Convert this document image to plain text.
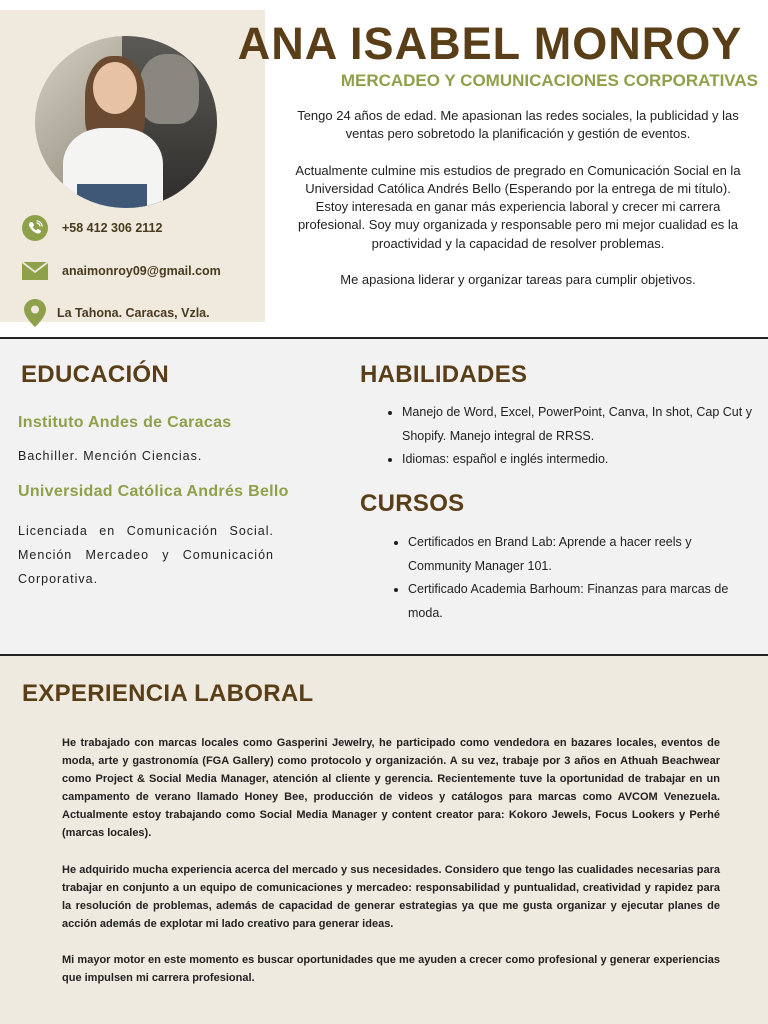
+58 412 306 2112
anaimonroy09@gmail.com
La Tahona. Caracas, Vzla.
ANA ISABEL MONROY
MERCADEO Y COMUNICACIONES CORPORATIVAS

Tengo 24 años de edad. Me apasionan las redes sociales, la publicidad y las ventas pero sobretodo la planificación y gestión de eventos.

Actualmente culmine mis estudios de pregrado en Comunicación Social en la Universidad Católica Andrés Bello (Esperando por la entrega de mi título). Estoy interesada en ganar más experiencia laboral y crecer mi carrera profesional. Soy muy organizada y responsable pero mi mejor cualidad es la proactividad y la capacidad de resolver problemas.

Me apasiona liderar y organizar tareas para cumplir objetivos.

EDUCACIÓN
Instituto Andes de Caracas
Bachiller. Mención Ciencias.
Universidad Católica Andrés Bello
Licenciada en Comunicación Social. Mención Mercadeo y Comunicación Corporativa.
HABILIDADES
• Manejo de Word, Excel, PowerPoint, Canva, In shot, Cap Cut y Shopify. Manejo integral de RRSS.
• Idiomas: español e inglés intermedio.
CURSOS
• Certificados en Brand Lab: Aprende a hacer reels y Community Manager 101.
• Certificado Academia Barhoum: Finanzas para marcas de moda.
EXPERIENCIA LABORAL

He trabajado con marcas locales como Gasperini Jewelry, he participado como vendedora en bazares locales, eventos de moda, arte y gastronomía (FGA Gallery) como protocolo y organización. A su vez, trabaje por 3 años en Athuah Beachwear como Project & Social Media Manager, atención al cliente y gerencia. Recientemente tuve la oportunidad de trabajar en un campamento de verano llamado Honey Bee, producción de videos y catálogos para marcas como AVCOM Venezuela. Actualmente estoy trabajando como Social Media Manager y content creator para: Kokoro Jewels, Focus Lookers y Perhé (marcas locales).

He adquirido mucha experiencia acerca del mercado y sus necesidades. Considero que tengo las cualidades necesarias para trabajar en conjunto a un equipo de comunicaciones y mercadeo: responsabilidad y puntualidad, creatividad y rapidez para la resolución de problemas, además de capacidad de generar estrategias ya que me gusta organizar y ejecutar planes de acción además de explotar mi lado creativo para generar ideas.

Mi mayor motor en este momento es buscar oportunidades que me ayuden a crecer como profesional y generar experiencias que impulsen mi carrera profesional.
